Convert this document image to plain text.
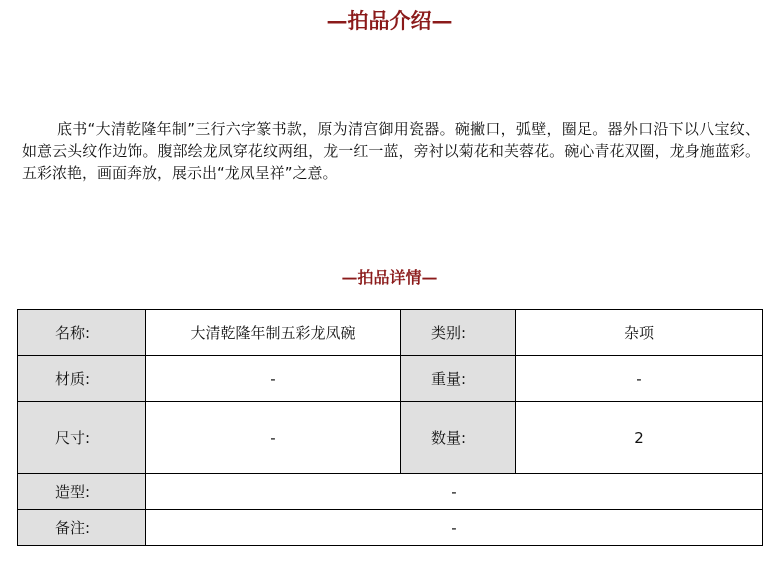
—拍品介绍—

底书“大清乾隆年制”三行六字篆书款，原为清宫御用瓷器。碗撇口，弧壁，圈足。器外口沿下以八宝纹、如意云头纹作边饰。腹部绘龙凤穿花纹两组，龙一红一蓝，旁衬以菊花和芙蓉花。碗心青花双圈，龙身施蓝彩。五彩浓艳，画面奔放，展示出“龙凤呈祥”之意。

—拍品详情—
名称:	大清乾隆年制五彩龙凤碗	类别:	杂项
材质:	-	重量:	-
尺寸:	-	数量:	2
造型:	-		
备注:	-		
